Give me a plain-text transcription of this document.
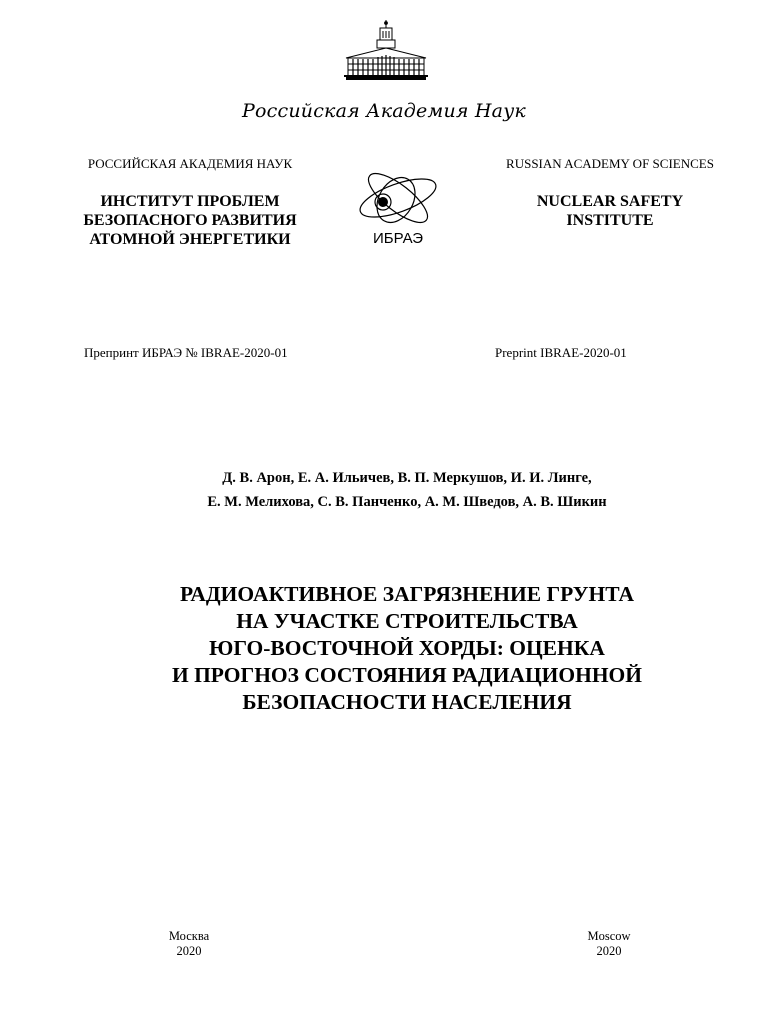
Российская Академия Наук
РОССИЙСКАЯ АКАДЕМИЯ НАУК
ИНСТИТУТ ПРОБЛЕМ
БЕЗОПАСНОГО РАЗВИТИЯ
АТОМНОЙ ЭНЕРГЕТИКИ	ИБРАЭ
RUSSIAN ACADEMY OF SCIENCES
NUCLEAR SAFETY
INSTITUTE
Препринт ИБРАЭ № IBRAE-2020-01	Preprint IBRAE-2020-01
Д. В. Арон, Е. А. Ильичев, В. П. Меркушов, И. И. Линге,
Е. М. Мелихова, С. В. Панченко, А. М. Шведов, А. В. Шикин
РАДИОАКТИВНОЕ ЗАГРЯЗНЕНИЕ ГРУНТА
НА УЧАСТКЕ СТРОИТЕЛЬСТВА
ЮГО-ВОСТОЧНОЙ ХОРДЫ: ОЦЕНКА
И ПРОГНОЗ СОСТОЯНИЯ РАДИАЦИОННОЙ
БЕЗОПАСНОСТИ НАСЕЛЕНИЯ
Москва
2020
Moscow
2020
